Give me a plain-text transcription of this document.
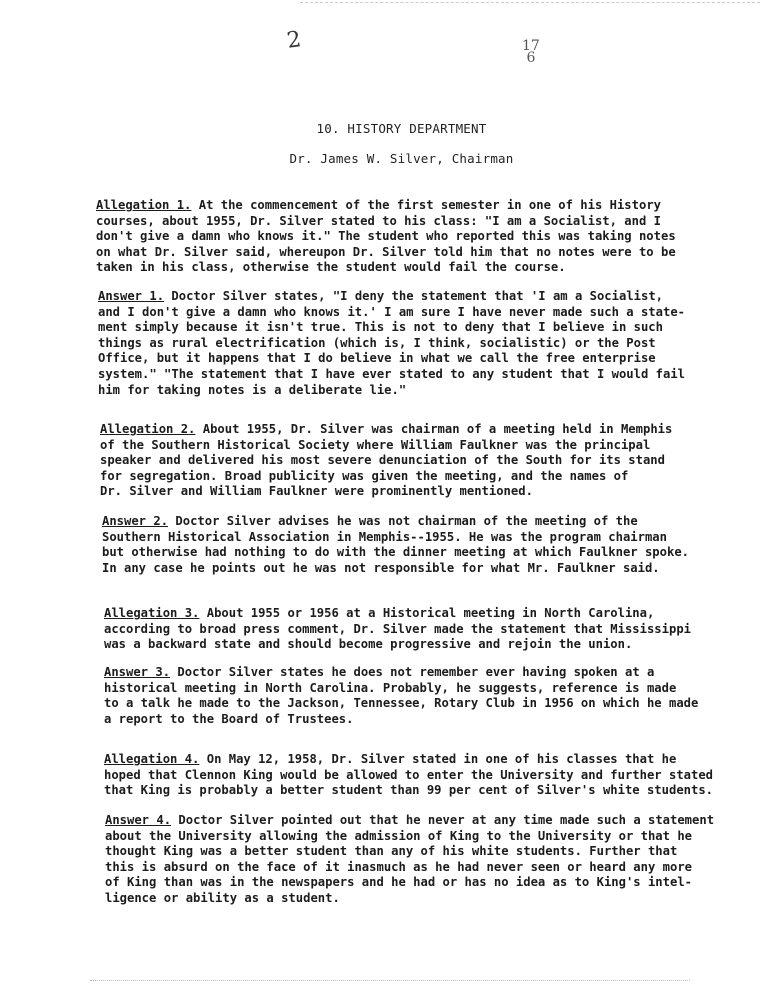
2	17
6
10. HISTORY DEPARTMENT
Dr. James W. Silver, Chairman
Allegation 1. At the commencement of the first semester in one of his History
courses, about 1955, Dr. Silver stated to his class: "I am a Socialist, and I
don't give a damn who knows it." The student who reported this was taking notes
on what Dr. Silver said, whereupon Dr. Silver told him that no notes were to be
taken in his class, otherwise the student would fail the course.
Answer 1. Doctor Silver states, "I deny the statement that 'I am a Socialist,
and I don't give a damn who knows it.' I am sure I have never made such a state-
ment simply because it isn't true. This is not to deny that I believe in such
things as rural electrification (which is, I think, socialistic) or the Post
Office, but it happens that I do believe in what we call the free enterprise
system." "The statement that I have ever stated to any student that I would fail
him for taking notes is a deliberate lie."
Allegation 2. About 1955, Dr. Silver was chairman of a meeting held in Memphis
of the Southern Historical Society where William Faulkner was the principal
speaker and delivered his most severe denunciation of the South for its stand
for segregation. Broad publicity was given the meeting, and the names of
Dr. Silver and William Faulkner were prominently mentioned.
Answer 2. Doctor Silver advises he was not chairman of the meeting of the
Southern Historical Association in Memphis--1955. He was the program chairman
but otherwise had nothing to do with the dinner meeting at which Faulkner spoke.
In any case he points out he was not responsible for what Mr. Faulkner said.
Allegation 3. About 1955 or 1956 at a Historical meeting in North Carolina,
according to broad press comment, Dr. Silver made the statement that Mississippi
was a backward state and should become progressive and rejoin the union.
Answer 3. Doctor Silver states he does not remember ever having spoken at a
historical meeting in North Carolina. Probably, he suggests, reference is made
to a talk he made to the Jackson, Tennessee, Rotary Club in 1956 on which he made
a report to the Board of Trustees.
Allegation 4. On May 12, 1958, Dr. Silver stated in one of his classes that he
hoped that Clennon King would be allowed to enter the University and further stated
that King is probably a better student than 99 per cent of Silver's white students.
Answer 4. Doctor Silver pointed out that he never at any time made such a statement
about the University allowing the admission of King to the University or that he
thought King was a better student than any of his white students. Further that
this is absurd on the face of it inasmuch as he had never seen or heard any more
of King than was in the newspapers and he had or has no idea as to King's intel-
ligence or ability as a student.
